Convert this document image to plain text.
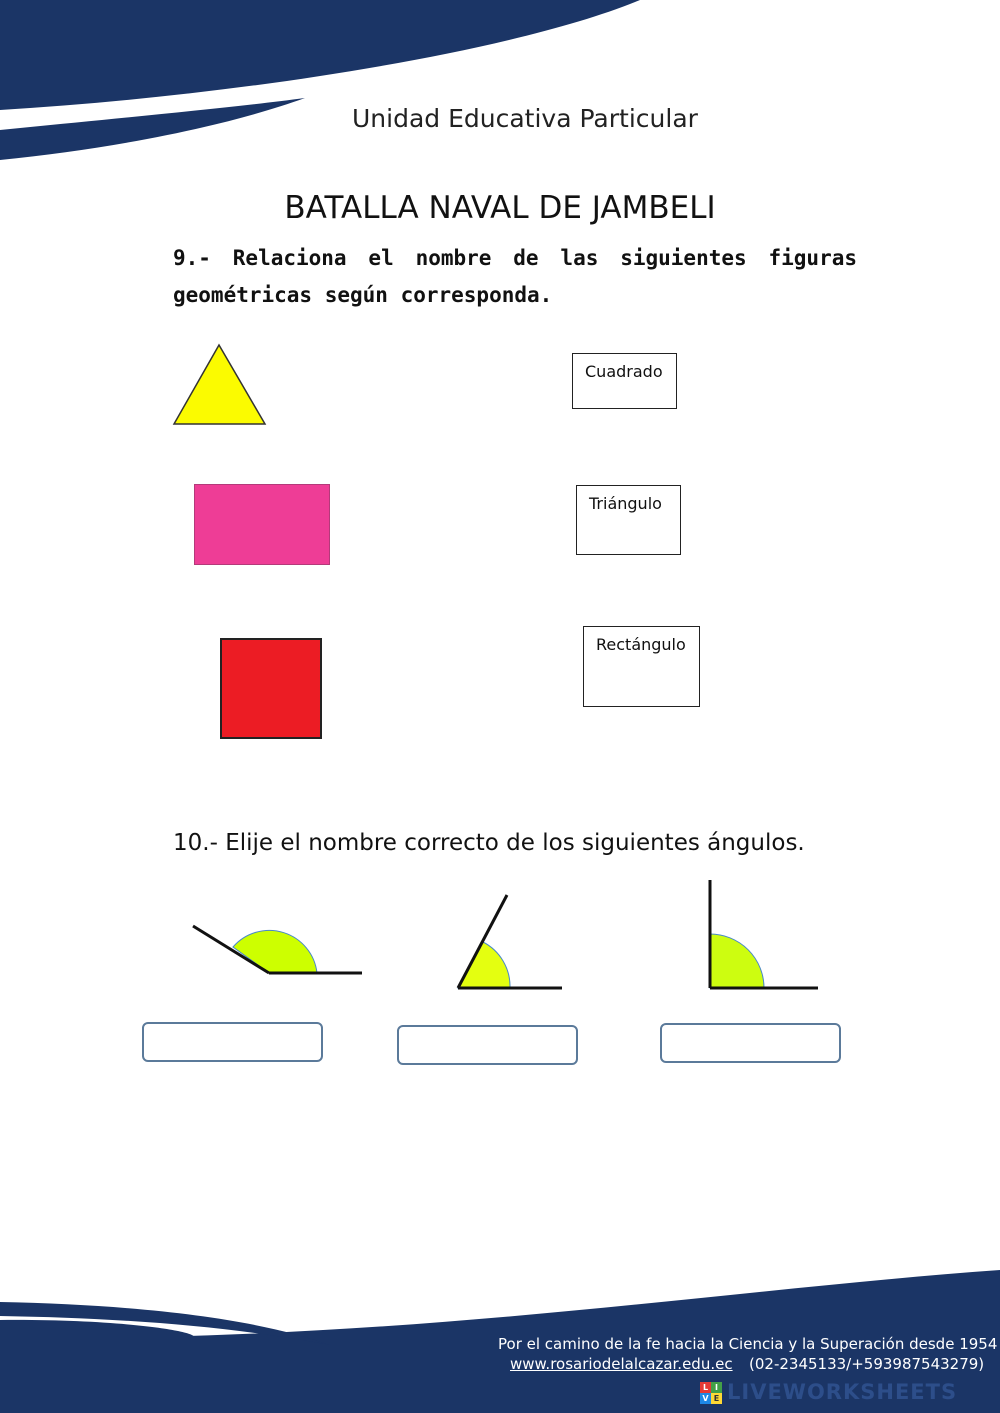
Unidad Educativa Particular
BATALLA NAVAL DE JAMBELI
9.- Relaciona el nombre de las siguientes figuras geométricas según corresponda.
Cuadrado
Triángulo
Rectángulo
10.- Elije el nombre correcto de los siguientes ángulos.
Por el camino de la fe hacia la Ciencia y la Superación desde 1954
www.rosariodelalcazar.edu.ec (02-2345133/+593987543279)
L I
V E LIVEWORKSHEETS
